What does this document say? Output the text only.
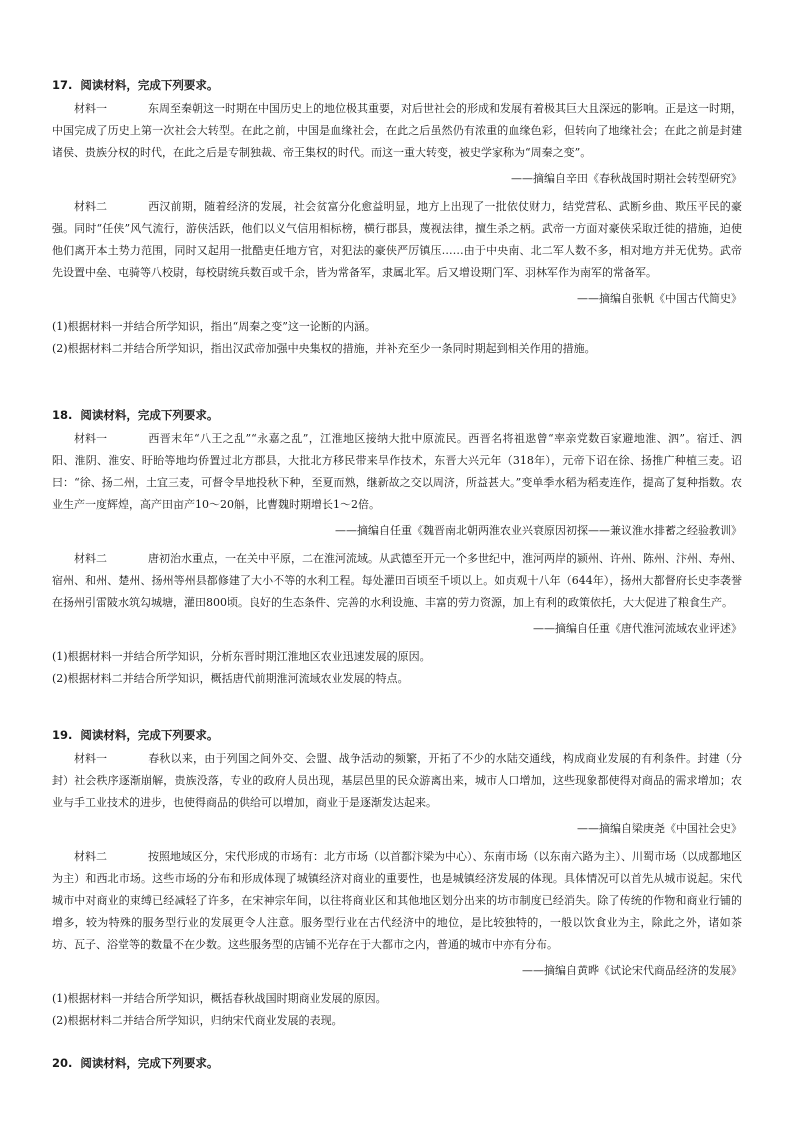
17. 阅读材料，完成下列要求。

材料一	东周至秦朝这一时期在中国历史上的地位极其重要，对后世社会的形成和发展有着极其巨大且深远的影响。正是这一时期，中国完成了历史上第一次社会大转型。在此之前，中国是血缘社会，在此之后虽然仍有浓重的血缘色彩，但转向了地缘社会；在此之前是封建诸侯、贵族分权的时代，在此之后是专制独裁、帝王集权的时代。而这一重大转变，被史学家称为“周秦之变”。

——摘编自辛田《春秋战国时期社会转型研究》

材料二	西汉前期，随着经济的发展，社会贫富分化愈益明显，地方上出现了一批依仗财力，结党营私、武断乡曲、欺压平民的豪强。同时“任侠”风气流行，游侠活跃，他们以义气信用相标榜，横行郡县，蔑视法律，擅生杀之柄。武帝一方面对豪侠采取迁徙的措施，迫使他们离开本土势力范围，同时又起用一批酷吏任地方官，对犯法的豪侠严厉镇压……由于中央南、北二军人数不多，相对地方并无优势。武帝先设置中垒、屯骑等八校尉，每校尉统兵数百或千余，皆为常备军，隶属北军。后又增设期门军、羽林军作为南军的常备军。

——摘编自张帆《中国古代简史》

(1)根据材料一并结合所学知识，指出“周秦之变”这一论断的内涵。

(2)根据材料二并结合所学知识，指出汉武帝加强中央集权的措施，并补充至少一条同时期起到相关作用的措施。

18. 阅读材料，完成下列要求。

材料一	西晋末年“八王之乱”“永嘉之乱”，江淮地区接纳大批中原流民。西晋名将祖逖曾“率亲党数百家避地淮、泗”。宿迁、泗阳、淮阴、淮安、盱眙等地均侨置过北方郡县，大批北方移民带来旱作技术，东晋大兴元年（318年），元帝下诏在徐、扬推广种植三麦。诏曰：“徐、扬二州，土宜三麦，可督令旱地投秋下种，至夏而熟，继新故之交以周济，所益甚大。”变单季水稻为稻麦连作，提高了复种指数。农业生产一度辉煌，高产田亩产10～20斛，比曹魏时期增长1～2倍。

——摘编自任重《魏晋南北朝两淮农业兴衰原因初探——兼议淮水排蓄之经验教训》

材料二	唐初治水重点，一在关中平原，二在淮河流域。从武德至开元一个多世纪中，淮河两岸的颍州、许州、陈州、汴州、寿州、宿州、和州、楚州、扬州等州县都修建了大小不等的水利工程。每处灌田百顷至千顷以上。如贞观十八年（644年），扬州大都督府长史李袭誉在扬州引雷陂水筑勾城塘，灌田800顷。良好的生态条件、完善的水利设施、丰富的劳力资源，加上有利的政策依托，大大促进了粮食生产。

——摘编自任重《唐代淮河流域农业评述》

(1)根据材料一并结合所学知识，分析东晋时期江淮地区农业迅速发展的原因。

(2)根据材料二并结合所学知识，概括唐代前期淮河流域农业发展的特点。

19. 阅读材料，完成下列要求。

材料一	春秋以来，由于列国之间外交、会盟、战争活动的频繁，开拓了不少的水陆交通线，构成商业发展的有利条件。封建（分封）社会秩序逐渐崩解，贵族没落，专业的政府人员出现，基层邑里的民众游离出来，城市人口增加，这些现象都使得对商品的需求增加；农业与手工业技术的进步，也使得商品的供给可以增加，商业于是逐渐发达起来。

——摘编自梁庚尧《中国社会史》

材料二	按照地域区分，宋代形成的市场有：北方市场（以首都汴梁为中心）、东南市场（以东南六路为主）、川蜀市场（以成都地区为主）和西北市场。这些市场的分布和形成体现了城镇经济对商业的重要性，也是城镇经济发展的体现。具体情况可以首先从城市说起。宋代城市中对商业的束缚已经减轻了许多，在宋神宗年间，以往将商业区和其他地区划分出来的坊市制度已经消失。除了传统的作物和商业行铺的增多，较为特殊的服务型行业的发展更令人注意。服务型行业在古代经济中的地位，是比较独特的，一般以饮食业为主，除此之外，诸如茶坊、瓦子、浴堂等的数量不在少数。这些服务型的店铺不光存在于大都市之内，普通的城市中亦有分布。

——摘编自黄晔《试论宋代商品经济的发展》

(1)根据材料一并结合所学知识，概括春秋战国时期商业发展的原因。

(2)根据材料二并结合所学知识，归纳宋代商业发展的表现。

20. 阅读材料，完成下列要求。
